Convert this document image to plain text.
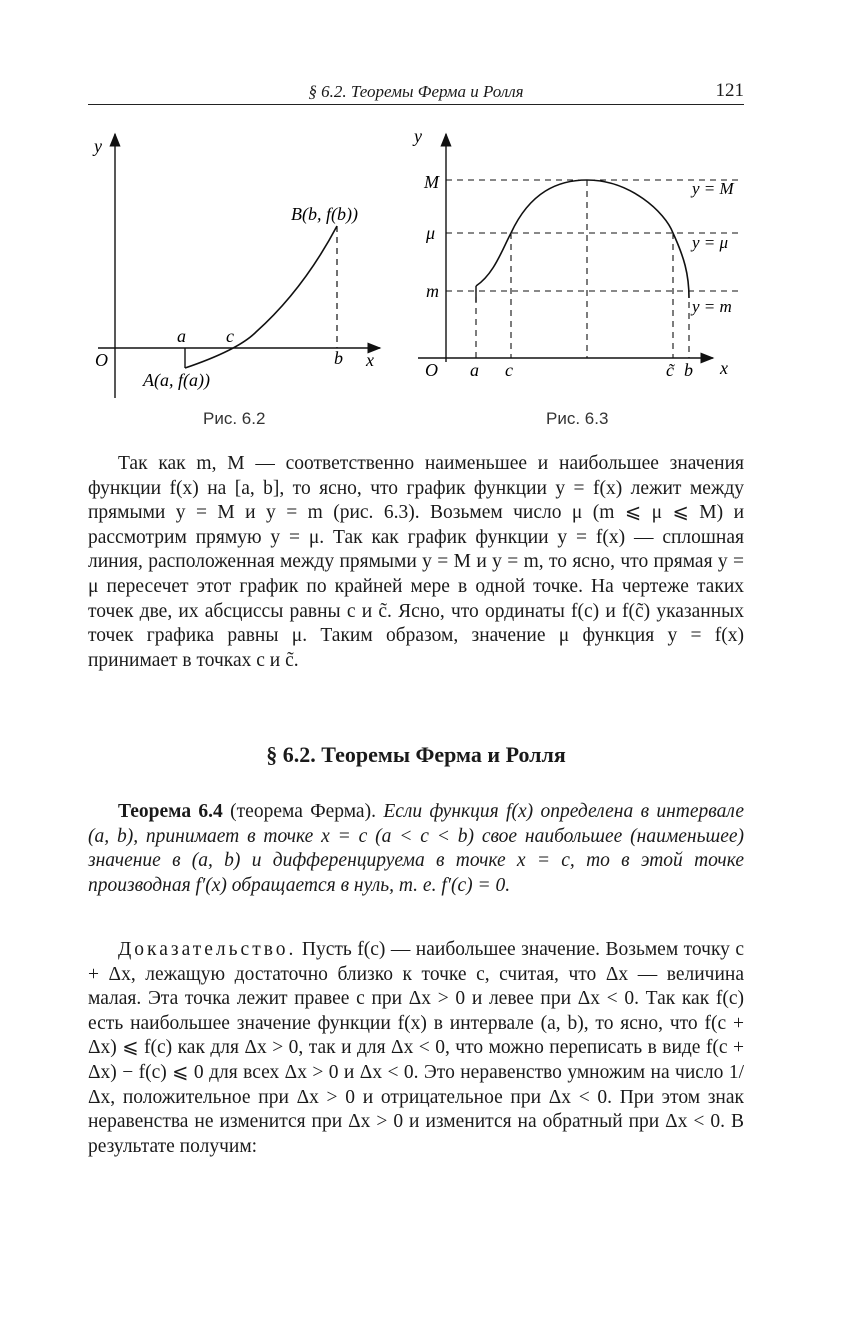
§ 6.2. Теоремы Ферма и Ролля	121
y
x
O
a c
b
B(b, f(b))
A(a, f(a))
Рис. 6.2
y
x
O
M
μ
m
a c	c̃ b
y = M
y = μ
y = m
Рис. 6.3

Так как m, M — соответственно наименьшее и наибольшее значения функции f(x) на [a, b], то ясно, что график функции y = f(x) лежит между прямыми y = M и y = m (рис. 6.3). Возьмем число μ (m ⩽ μ ⩽ M) и рассмотрим прямую y = μ. Так как график функции y = f(x) — сплошная линия, расположенная между прямыми y = M и y = m, то ясно, что прямая y = μ пересечет этот график по крайней мере в одной точке. На чертеже таких точек две, их абсциссы равны c и c̃. Ясно, что ординаты f(c) и f(c̃) указанных точек графика равны μ. Таким образом, значение μ функция y = f(x) принимает в точках c и c̃.

§ 6.2. Теоремы Ферма и Ролля

Теорема 6.4 (теорема Ферма). Если функция f(x) определена в интервале (a, b), принимает в точке x = c (a < c < b) свое наибольшее (наименьшее) значение в (a, b) и дифференцируема в точке x = c, то в этой точке производная f′(x) обращается в нуль, т. е. f′(c) = 0.

Доказательство. Пусть f(c) — наибольшее значение. Возьмем точку c + Δx, лежащую достаточно близко к точке c, считая, что Δx — величина малая. Эта точка лежит правее c при Δx > 0 и левее при Δx < 0. Так как f(c) есть наибольшее значение функции f(x) в интервале (a, b), то ясно, что f(c + Δx) ⩽ f(c) как для Δx > 0, так и для Δx < 0, что можно переписать в виде f(c + Δx) − f(c) ⩽ 0 для всех Δx > 0 и Δx < 0. Это неравенство умножим на число 1/Δx, положительное при Δx > 0 и отрицательное при Δx < 0. При этом знак неравенства не изменится при Δx > 0 и изменится на обратный при Δx < 0. В результате получим:
